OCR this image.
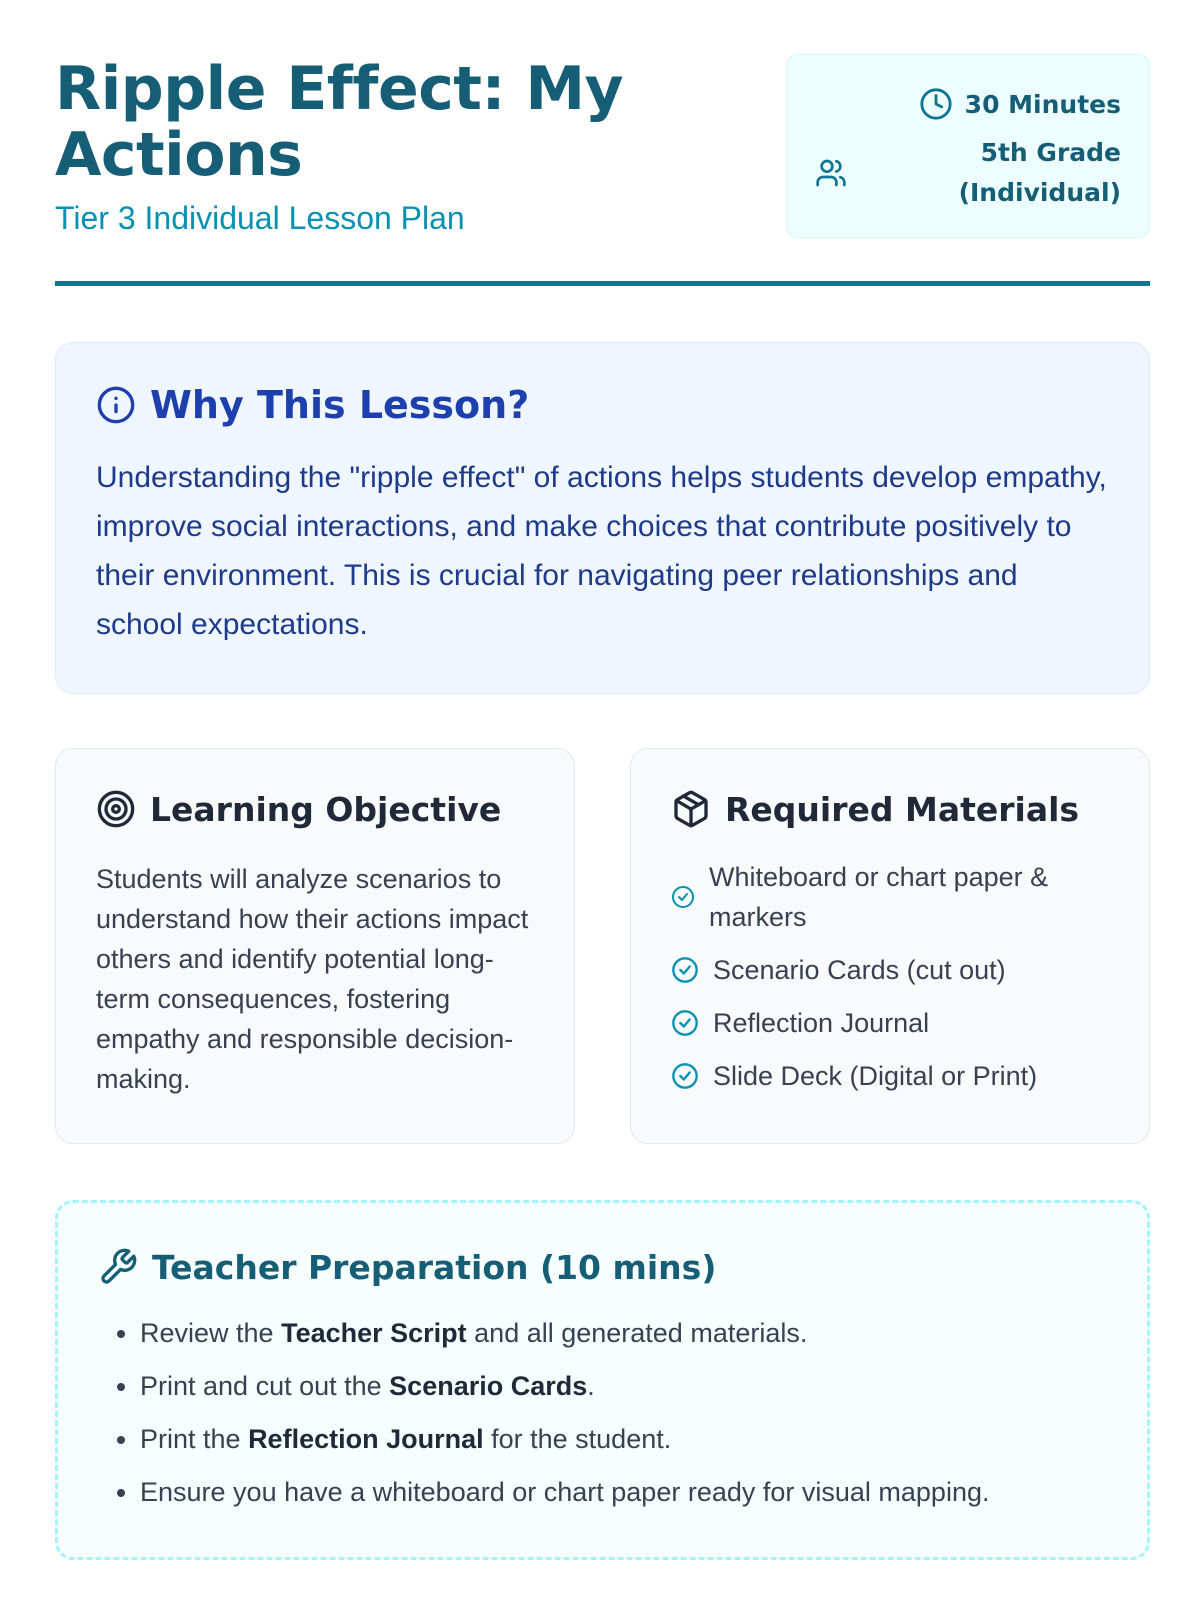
Ripple Effect: My Actions
Tier 3 Individual Lesson Plan
30 Minutes
5th Grade (Individual)
Why This Lesson?

Understanding the "ripple effect" of actions helps students develop empathy, improve social interactions, and make choices that contribute positively to their environment. This is crucial for navigating peer relationships and school expectations.

Learning Objective

Students will analyze scenarios to understand how their actions impact others and identify potential long-term consequences, fostering empathy and responsible decision-making.

Required Materials
Whiteboard or chart paper & markers
Scenario Cards (cut out)
Reflection Journal
Slide Deck (Digital or Print)
Teacher Preparation (10 mins)
• Review the Teacher Script and all generated materials.
• Print and cut out the Scenario Cards.
• Print the Reflection Journal for the student.
• Ensure you have a whiteboard or chart paper ready for visual mapping.
